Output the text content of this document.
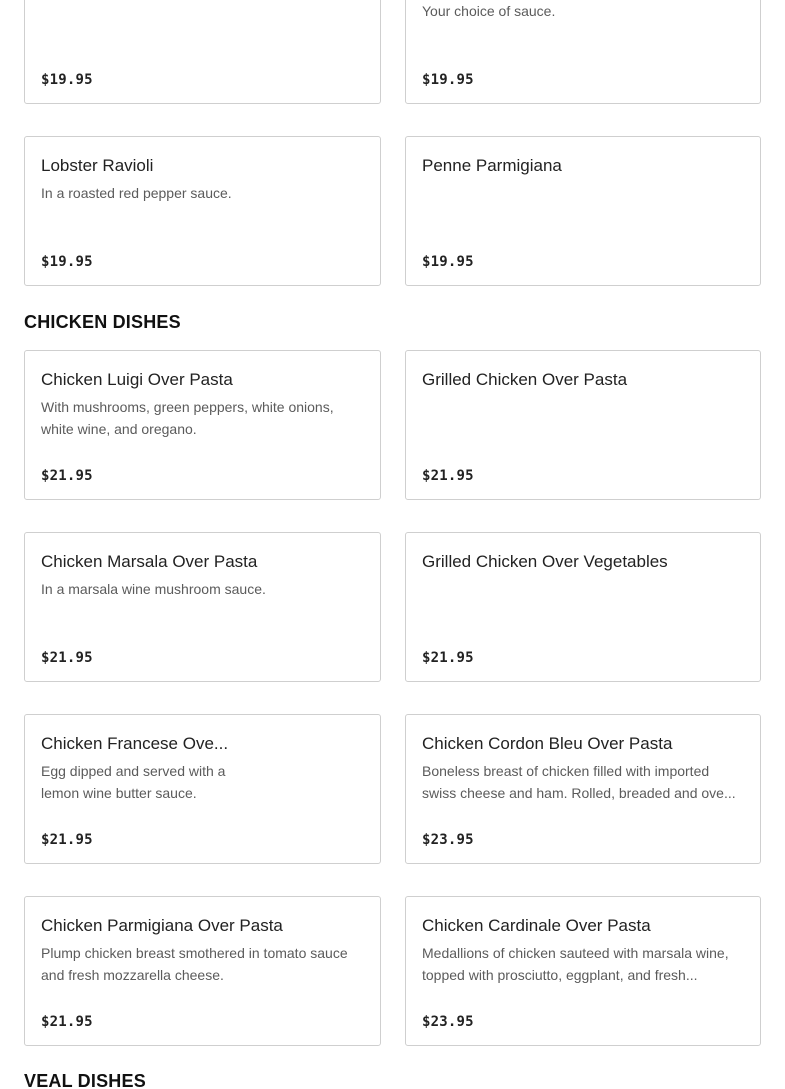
$19.95
Your choice of sauce.
$19.95
Lobster Ravioli
In a roasted red pepper sauce.
$19.95
Penne Parmigiana
$19.95
CHICKEN DISHES
Chicken Luigi Over Pasta
With mushrooms, green peppers, white onions, white wine, and oregano.
$21.95
Grilled Chicken Over Pasta
$21.95
Chicken Marsala Over Pasta
In a marsala wine mushroom sauce.
$21.95
Grilled Chicken Over Vegetables
$21.95
Chicken Francese Ove...
Egg dipped and served with a lemon wine butter sauce.
$21.95
Chicken Cordon Bleu Over Pasta
Boneless breast of chicken filled with imported swiss cheese and ham. Rolled, breaded and ove...
$23.95
Chicken Parmigiana Over Pasta
Plump chicken breast smothered in tomato sauce and fresh mozzarella cheese.
$21.95
Chicken Cardinale Over Pasta
Medallions of chicken sauteed with marsala wine, topped with prosciutto, eggplant, and fresh...
$23.95
VEAL DISHES
